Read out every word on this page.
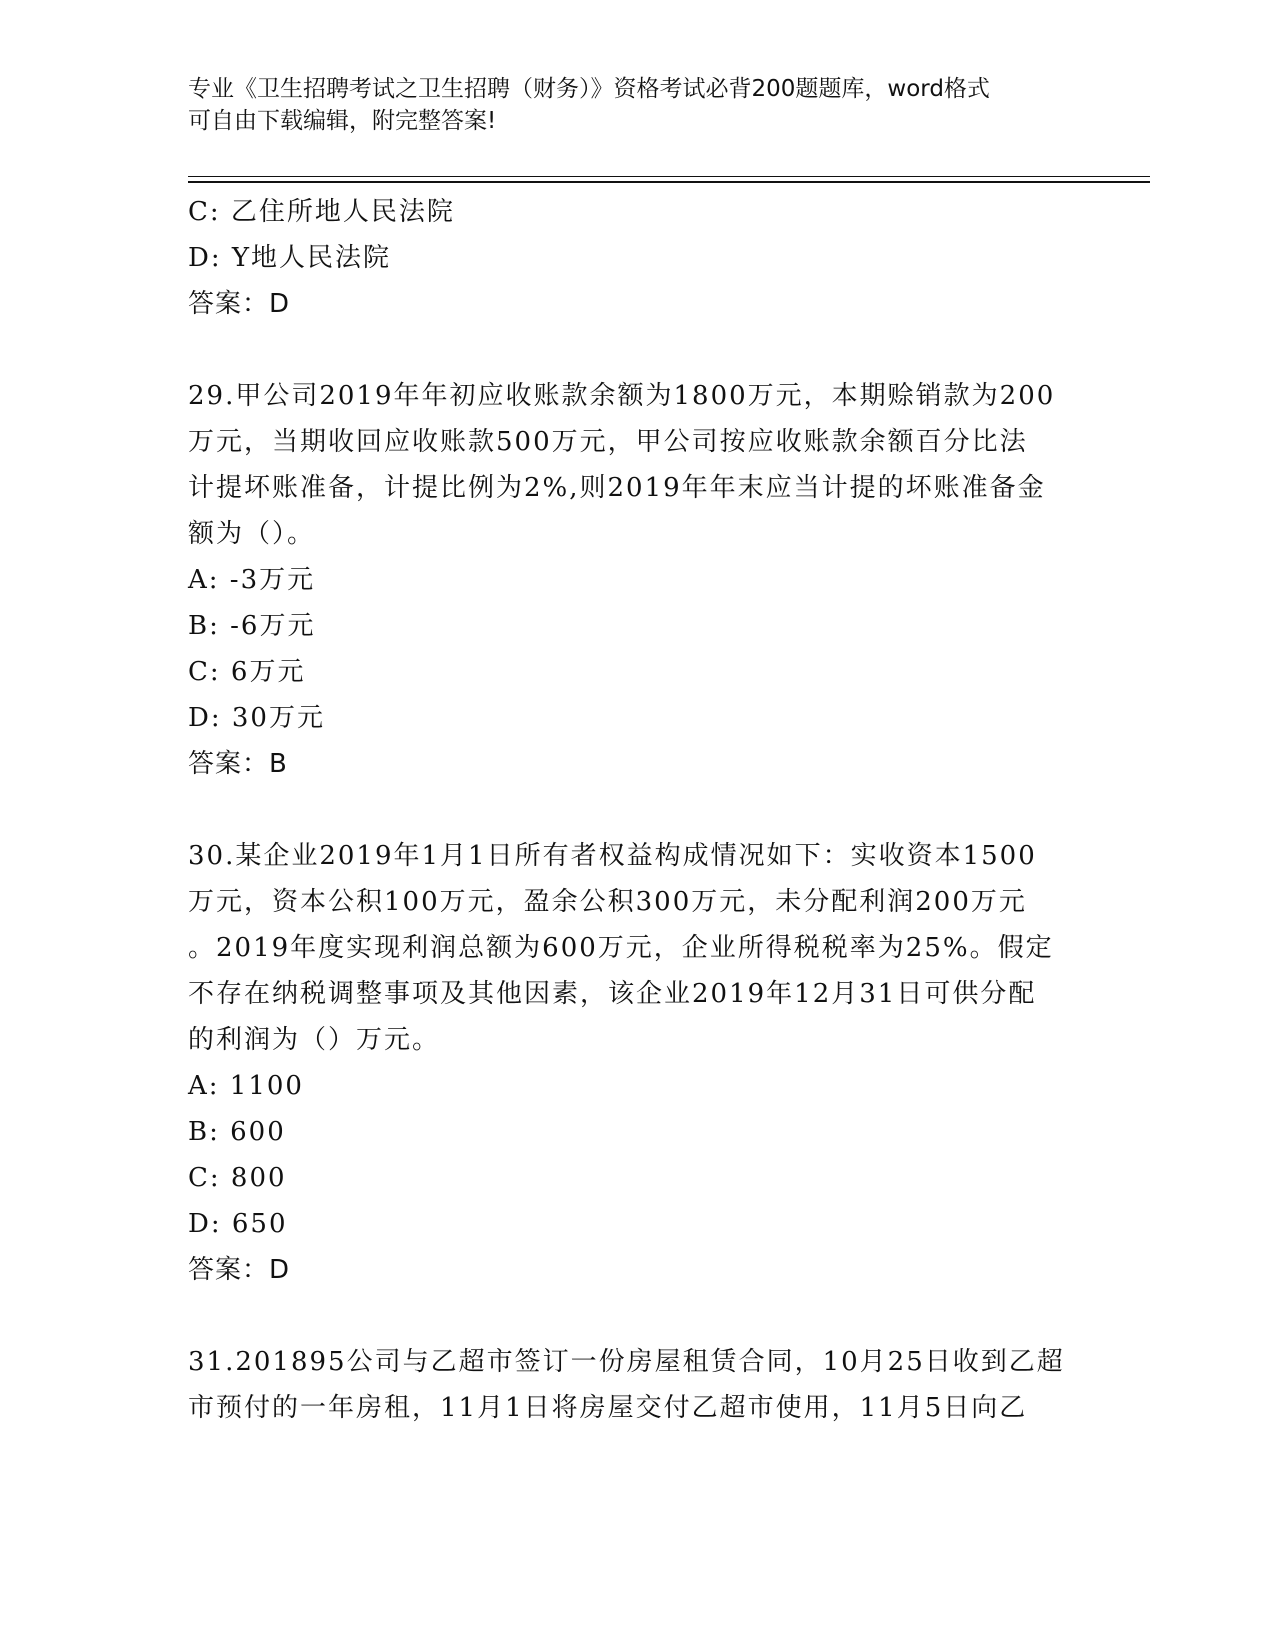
专业《卫生招聘考试之卫生招聘（财务）》资格考试必背200题题库，word格式
可自由下载编辑，附完整答案!
C: 乙住所地人民法院
D: Y地人民法院
答案：D
29.甲公司2019年年初应收账款余额为1800万元，本期赊销款为200
万元，当期收回应收账款500万元，甲公司按应收账款余额百分比法
计提坏账准备，计提比例为2%,则2019年年末应当计提的坏账准备金
额为（）。
A: -3万元
B: -6万元
C: 6万元
D: 30万元
答案：B
30.某企业2019年1月1日所有者权益构成情况如下：实收资本1500
万元，资本公积100万元，盈余公积300万元，未分配利润200万元
。2019年度实现利润总额为600万元，企业所得税税率为25%。假定
不存在纳税调整事项及其他因素，该企业2019年12月31日可供分配
的利润为（）万元。
A: 1100
B: 600
C: 800
D: 650
答案：D
31.201895公司与乙超市签订一份房屋租赁合同，10月25日收到乙超
市预付的一年房租，11月1日将房屋交付乙超市使用，11月5日向乙
